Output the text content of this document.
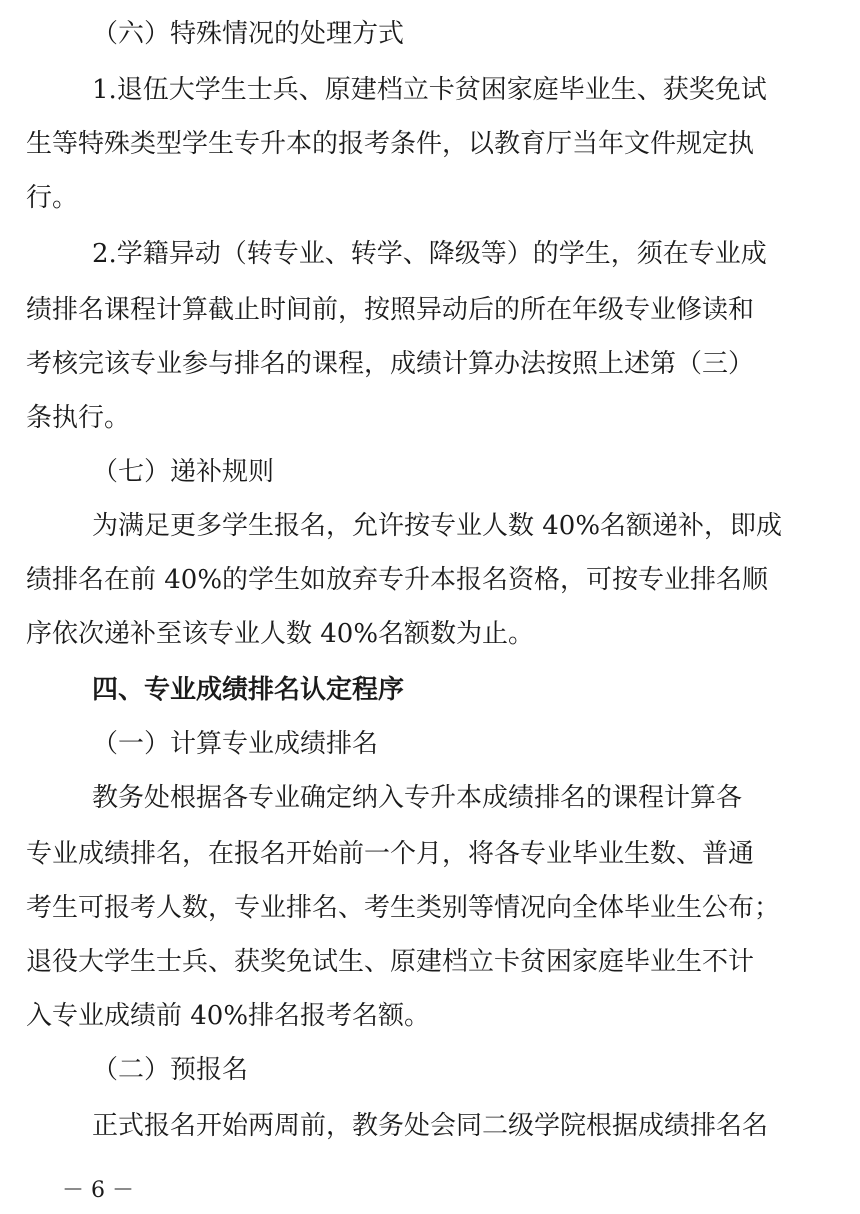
（六）特殊情况的处理方式
1.退伍大学生士兵、原建档立卡贫困家庭毕业生、获奖免试
生等特殊类型学生专升本的报考条件，以教育厅当年文件规定执
行。
2.学籍异动（转专业、转学、降级等）的学生，须在专业成
绩排名课程计算截止时间前，按照异动后的所在年级专业修读和
考核完该专业参与排名的课程，成绩计算办法按照上述第（三）
条执行。
（七）递补规则
为满足更多学生报名，允许按专业人数 40%名额递补，即成
绩排名在前 40%的学生如放弃专升本报名资格，可按专业排名顺
序依次递补至该专业人数 40%名额数为止。
四、专业成绩排名认定程序
（一）计算专业成绩排名
教务处根据各专业确定纳入专升本成绩排名的课程计算各
专业成绩排名，在报名开始前一个月，将各专业毕业生数、普通
考生可报考人数，专业排名、考生类别等情况向全体毕业生公布；
退役大学生士兵、获奖免试生、原建档立卡贫困家庭毕业生不计
入专业成绩前 40%排名报考名额。
（二）预报名
正式报名开始两周前，教务处会同二级学院根据成绩排名名
－ 6 －
